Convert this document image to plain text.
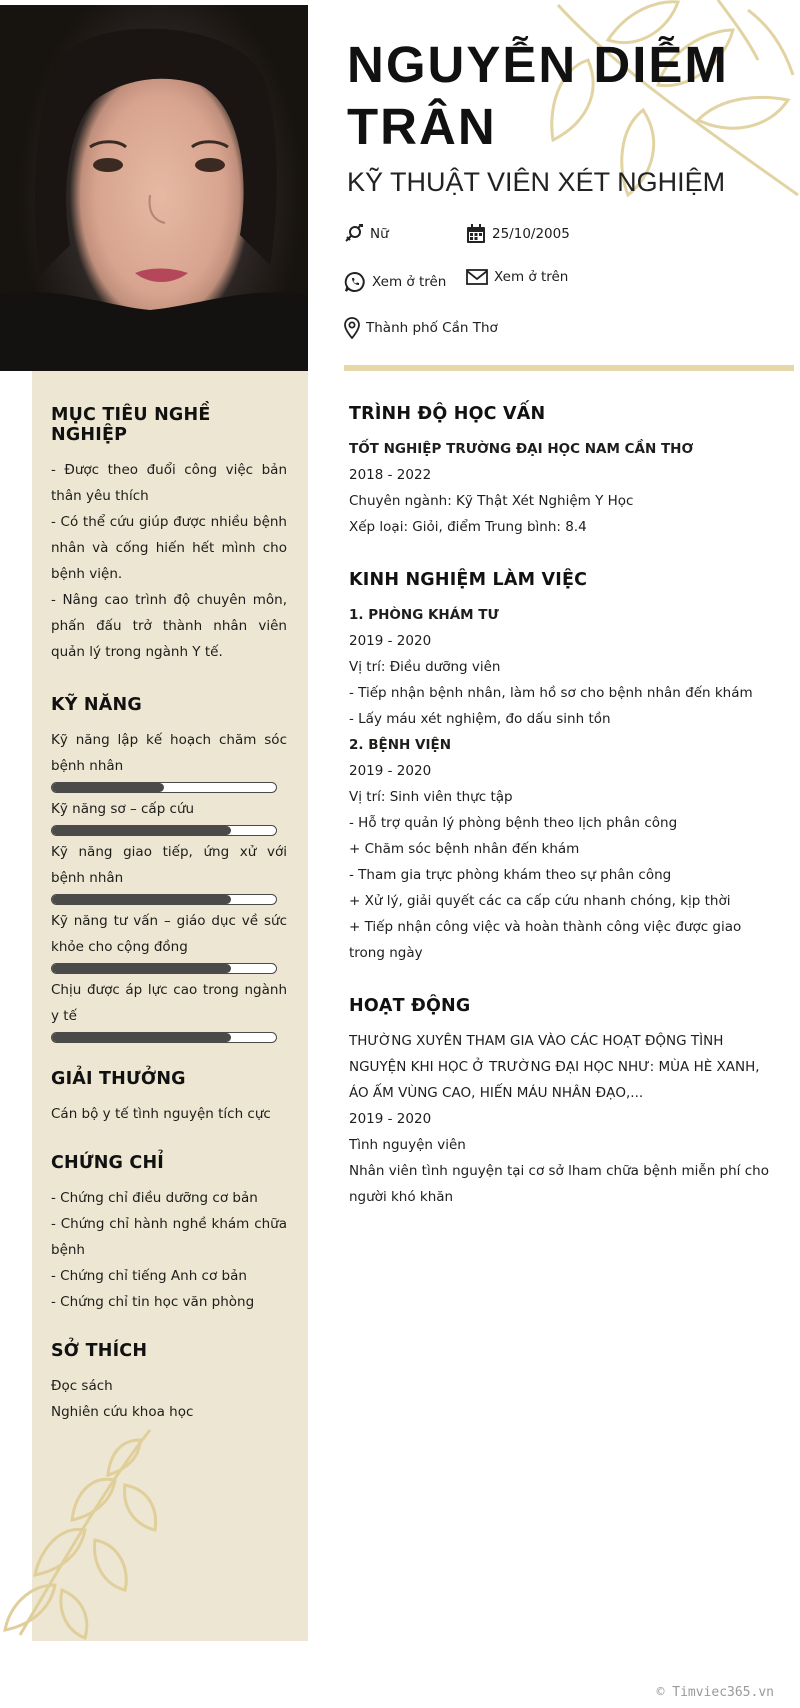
NGUYỄN DIỄM TRÂN
KỸ THUẬT VIÊN XÉT NGHIỆM
Nữ	25/10/2005
Xem ở trên	Xem ở trên
Thành phố Cần Thơ
MỤC TIÊU NGHỀ NGHIỆP
- Được theo đuổi công việc bản thân yêu thích
- Có thể cứu giúp được nhiều bệnh nhân và cống hiến hết mình cho bệnh viện.
- Nâng cao trình độ chuyên môn, phấn đấu trở thành nhân viên quản lý trong ngành Y tế.
KỸ NĂNG
Kỹ năng lập kế hoạch chăm sóc bệnh nhân
Kỹ năng sơ – cấp cứu
Kỹ năng giao tiếp, ứng xử với bệnh nhân
Kỹ năng tư vấn – giáo dục về sức khỏe cho cộng đồng
Chịu được áp lực cao trong ngành y tế
GIẢI THƯỞNG
Cán bộ y tế tình nguyện tích cực
CHỨNG CHỈ
- Chứng chỉ điều dưỡng cơ bản
- Chứng chỉ hành nghề khám chữa bệnh
- Chứng chỉ tiếng Anh cơ bản
- Chứng chỉ tin học văn phòng
SỞ THÍCH
Đọc sách
Nghiên cứu khoa học
TRÌNH ĐỘ HỌC VẤN
TỐT NGHIỆP TRƯỜNG ĐẠI HỌC NAM CẦN THƠ
2018 - 2022
Chuyên ngành: Kỹ Thật Xét Nghiệm Y Học
Xếp loại: Giỏi, điểm Trung bình: 8.4
KINH NGHIỆM LÀM VIỆC
1. PHÒNG KHÁM TƯ
2019 - 2020
Vị trí: Điều dưỡng viên
- Tiếp nhận bệnh nhân, làm hồ sơ cho bệnh nhân đến khám
- Lấy máu xét nghiệm, đo dấu sinh tồn
2. BỆNH VIỆN
2019 - 2020
Vị trí: Sinh viên thực tập
- Hỗ trợ quản lý phòng bệnh theo lịch phân công
+ Chăm sóc bệnh nhân đến khám
- Tham gia trực phòng khám theo sự phân công
+ Xử lý, giải quyết các ca cấp cứu nhanh chóng, kịp thời
+ Tiếp nhận công việc và hoàn thành công việc được giao trong ngày
HOẠT ĐỘNG
THƯỜNG XUYÊN THAM GIA VÀO CÁC HOẠT ĐỘNG TÌNH NGUYỆN KHI HỌC Ở TRƯỜNG ĐẠI HỌC NHƯ: MÙA HÈ XANH, ÁO ẤM VÙNG CAO, HIẾN MÁU NHÂN ĐẠO,...
2019 - 2020
Tình nguyện viên
Nhân viên tình nguyện tại cơ sở lham chữa bệnh miễn phí cho người khó khăn
© Timviec365.vn
